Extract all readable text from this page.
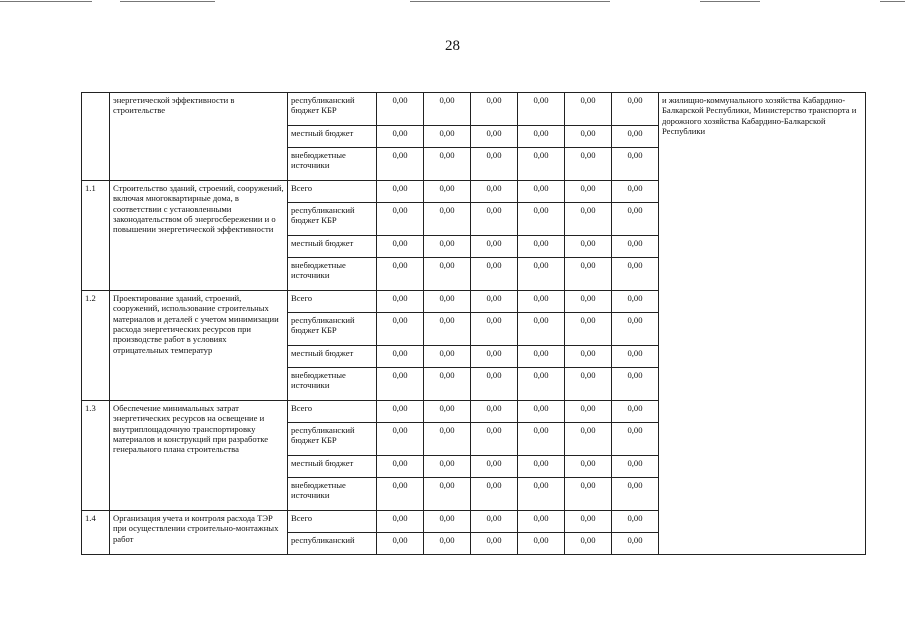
28
	энергетической эффективности в строительстве	республиканский бюджет КБР	0,00	0,00	0,00	0,00	0,00	0,00	и жилищно-коммунального хозяйства Кабардино-Балкарской Республики, Министерство транспорта и дорожного хозяйства Кабардино-Балкарской Республики
		местный бюджет	0,00	0,00	0,00	0,00	0,00	0,00	
		внебюджетные источники	0,00	0,00	0,00	0,00	0,00	0,00	
1.1	Строительство зданий, строений, сооружений, включая многоквартирные дома, в соответствии с установленными законодательством об энергосбережении и о повышении энергетической эффективности	Всего	0,00	0,00	0,00	0,00	0,00	0,00	
		республиканский бюджет КБР	0,00	0,00	0,00	0,00	0,00	0,00	
		местный бюджет	0,00	0,00	0,00	0,00	0,00	0,00	
		внебюджетные источники	0,00	0,00	0,00	0,00	0,00	0,00	
1.2	Проектирование зданий, строений, сооружений, использование строительных материалов и деталей с учетом минимизации расхода энергетических ресурсов при производстве работ в условиях отрицательных температур	Всего	0,00	0,00	0,00	0,00	0,00	0,00	
		республиканский бюджет КБР	0,00	0,00	0,00	0,00	0,00	0,00	
		местный бюджет	0,00	0,00	0,00	0,00	0,00	0,00	
		внебюджетные источники	0,00	0,00	0,00	0,00	0,00	0,00	
1.3	Обеспечение минимальных затрат энергетических ресурсов на освещение и внутриплощадочную транспортировку материалов и конструкций при разработке генерального плана строительства	Всего	0,00	0,00	0,00	0,00	0,00	0,00	
		республиканский бюджет КБР	0,00	0,00	0,00	0,00	0,00	0,00	
		местный бюджет	0,00	0,00	0,00	0,00	0,00	0,00	
		внебюджетные источники	0,00	0,00	0,00	0,00	0,00	0,00	
1.4	Организация учета и контроля расхода ТЭР при осуществлении строительно-монтажных работ	Всего	0,00	0,00	0,00	0,00	0,00	0,00	
		республиканский	0,00	0,00	0,00	0,00	0,00	0,00	
